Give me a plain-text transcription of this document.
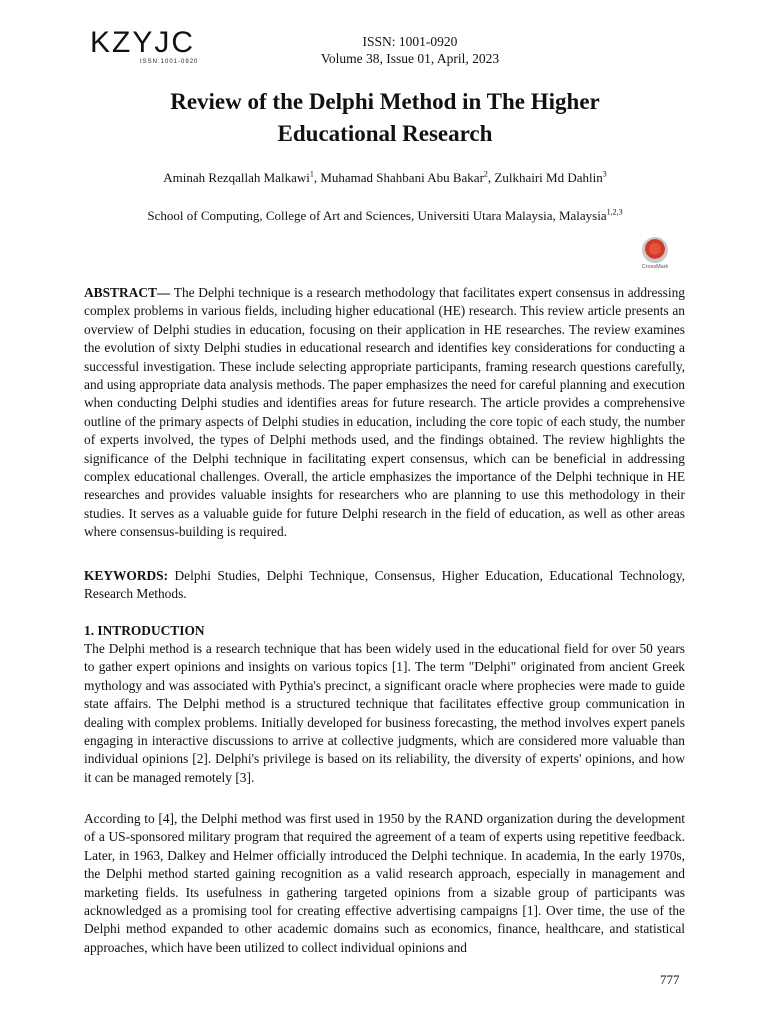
KZYJC
ISSN:1001-0920
ISSN: 1001-0920
Volume 38, Issue 01, April, 2023
Review of the Delphi Method in The Higher
Educational Research
Aminah Rezqallah Malkawi$^1$, Muhamad Shahbani Abu Bakar$^2$, Zulkhairi Md Dahlin$^3$
School of Computing, College of Art and Sciences, Universiti Utara Malaysia, Malaysia$^{1,2,3}$
CrossMark
ABSTRACT— The Delphi technique is a research methodology that facilitates expert consensus in addressing complex problems in various fields, including higher educational (HE) research. This review article presents an overview of Delphi studies in education, focusing on their application in HE researches. The review examines the evolution of sixty Delphi studies in educational research and identifies key considerations for conducting a successful investigation. These include selecting appropriate participants, framing research questions carefully, and using appropriate data analysis methods. The paper emphasizes the need for careful planning and execution when conducting Delphi studies and identifies areas for future research. The article provides a comprehensive outline of the primary aspects of Delphi studies in education, including the core topic of each study, the number of experts involved, the types of Delphi methods used, and the findings obtained. The review highlights the significance of the Delphi technique in facilitating expert consensus, which can be beneficial in addressing complex educational challenges. Overall, the article emphasizes the importance of the Delphi technique in HE researches and provides valuable insights for researchers who are planning to use this methodology in their studies. It serves as a valuable guide for future Delphi research in the field of education, as well as other areas where consensus-building is required.
KEYWORDS: Delphi Studies, Delphi Technique, Consensus, Higher Education, Educational Technology, Research Methods.
1. INTRODUCTION
The Delphi method is a research technique that has been widely used in the educational field for over 50 years to gather expert opinions and insights on various topics [1]. The term "Delphi" originated from ancient Greek mythology and was associated with Pythia's precinct, a significant oracle where prophecies were made to guide state affairs. The Delphi method is a structured technique that facilitates effective group communication in dealing with complex problems. Initially developed for business forecasting, the method involves expert panels engaging in interactive discussions to arrive at collective judgments, which are considered more valuable than individual opinions [2]. Delphi's privilege is based on its reliability, the diversity of experts' opinions, and how it can be managed remotely [3].
According to [4], the Delphi method was first used in 1950 by the RAND organization during the development of a US-sponsored military program that required the agreement of a team of experts using repetitive feedback. Later, in 1963, Dalkey and Helmer officially introduced the Delphi technique. In academia, In the early 1970s, the Delphi method started gaining recognition as a valid research approach, especially in management and marketing fields. Its usefulness in gathering targeted opinions from a sizable group of participants was acknowledged as a promising tool for creating effective advertising campaigns [1]. Over time, the use of the Delphi method expanded to other academic domains such as economics, finance, healthcare, and statistical approaches, which have been utilized to collect individual opinions and
777
